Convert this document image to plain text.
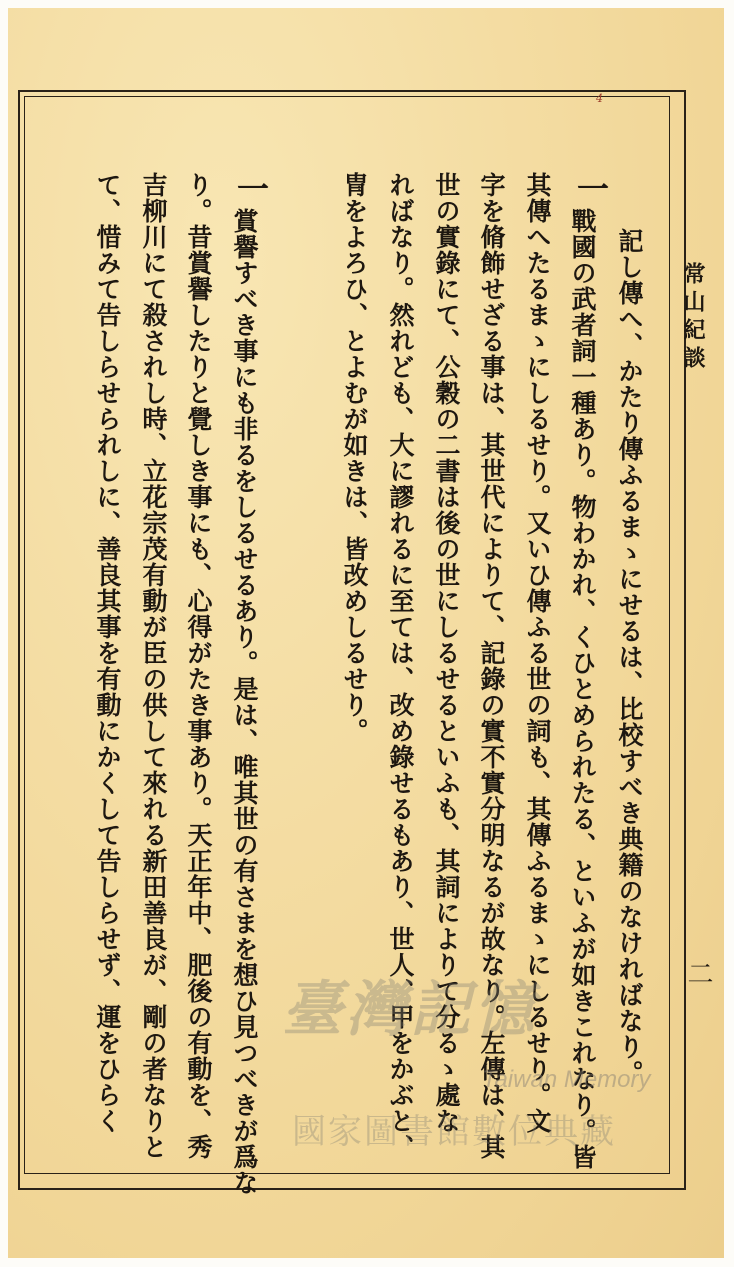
4
常山紀談
二
一
一
記し傳へ、かたり傳ふるまゝにせるは、比校すべき典籍のなければなり。
戰國の武者詞一種あり。物わかれ、くひとめられたる、といふが如きこれなり。皆
其傳へたるまゝにしるせり。又いひ傳ふる世の詞も、其傳ふるまゝにしるせり。文
字を脩飾せざる事は、其世代によりて、記錄の實不實分明なるが故なり。左傳は、其
世の實錄にて、公穀の二書は後の世にしるせるといふも、其詞によりて分るゝ處な
ればなり。然れども、大に謬れるに至ては、改め錄せるもあり、世人、甲をかぶと、
冑をよろひ、とよむが如きは、皆改めしるせり。
賞譽すべき事にも非るをしるせるあり。是は、唯其世の有さまを想ひ見つべきが爲な
り。昔賞譽したりと覺しき事にも、心得がたき事あり。天正年中、肥後の有動を、秀
吉柳川にて殺されし時、立花宗茂有動が臣の供して來れる新田善良が、剛の者なりと
て、惜みて告しらせられしに、善良其事を有動にかくして告しらせず、運をひらく	臺灣記憶
Taiwan Memory
國家圖書館數位典藏
